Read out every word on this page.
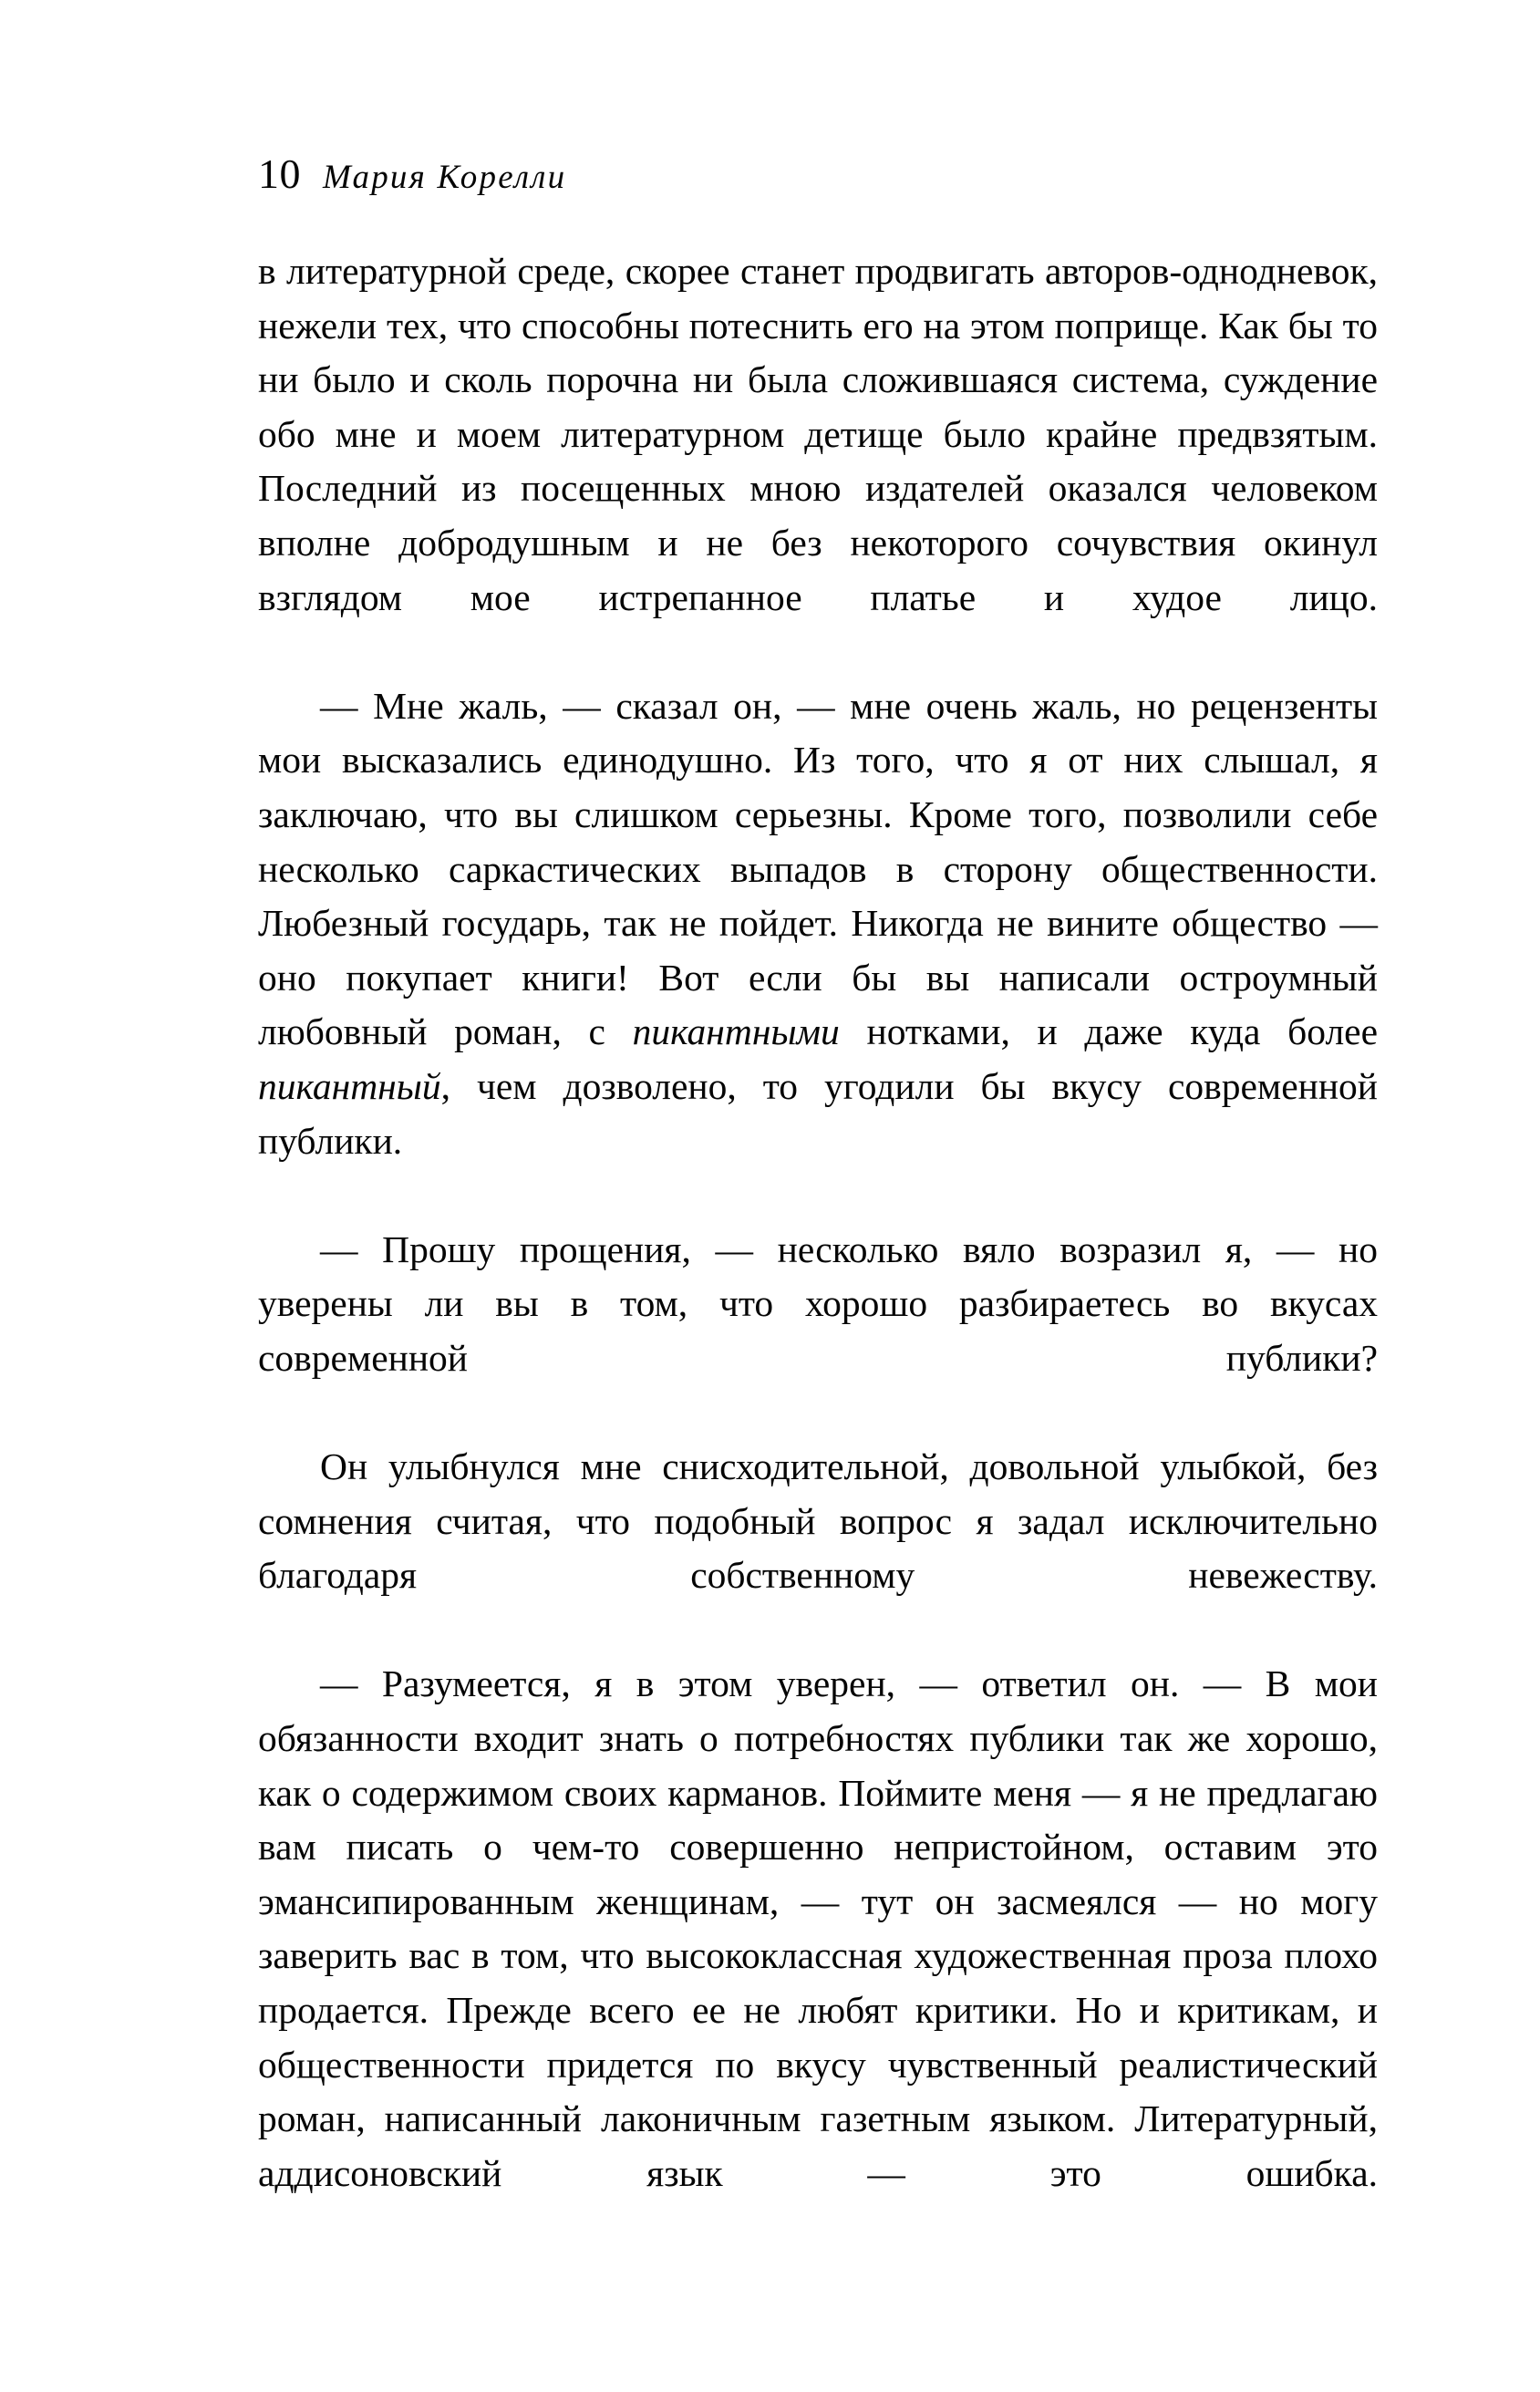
10 Мария Корелли

в литературной среде, скорее станет продвигать авторов-однодневок, нежели тех, что способны потеснить его на этом поприще. Как бы то ни было и сколь порочна ни была сложившаяся система, суждение обо мне и моем литературном детище было крайне предвзятым. Последний из посещенных мною издателей оказался человеком вполне добродушным и не без некоторого сочувствия окинул взглядом мое истрепанное платье и худое лицо.

— Мне жаль, — сказал он, — мне очень жаль, но рецензенты мои высказались единодушно. Из того, что я от них слышал, я заключаю, что вы слишком серьезны. Кроме того, позволили себе несколько саркастических выпадов в сторону общественности. Любезный государь, так не пойдет. Никогда не вините общество — оно покупает книги! Вот если бы вы написали остроумный любовный роман, с пикантными нотками, и даже куда более пикантный, чем дозволено, то угодили бы вкусу современной публики.

— Прошу прощения, — несколько вяло возразил я, — но уверены ли вы в том, что хорошо разбираетесь во вкусах современной публики?

Он улыбнулся мне снисходительной, довольной улыбкой, без сомнения считая, что подобный вопрос я задал исключительно благодаря собственному невежеству.

— Разумеется, я в этом уверен, — ответил он. — В мои обязанности входит знать о потребностях публики так же хорошо, как о содержимом своих карманов. Поймите меня — я не предлагаю вам писать о чем-то совершенно непристойном, оставим это эмансипированным женщинам, — тут он засмеялся — но могу заверить вас в том, что высококлассная художественная проза плохо продается. Прежде всего ее не любят критики. Но и критикам, и общественности придется по вкусу чувственный реалистический роман, написанный лаконичным газетным языком. Литературный, аддисоновский язык — это ошибка.
